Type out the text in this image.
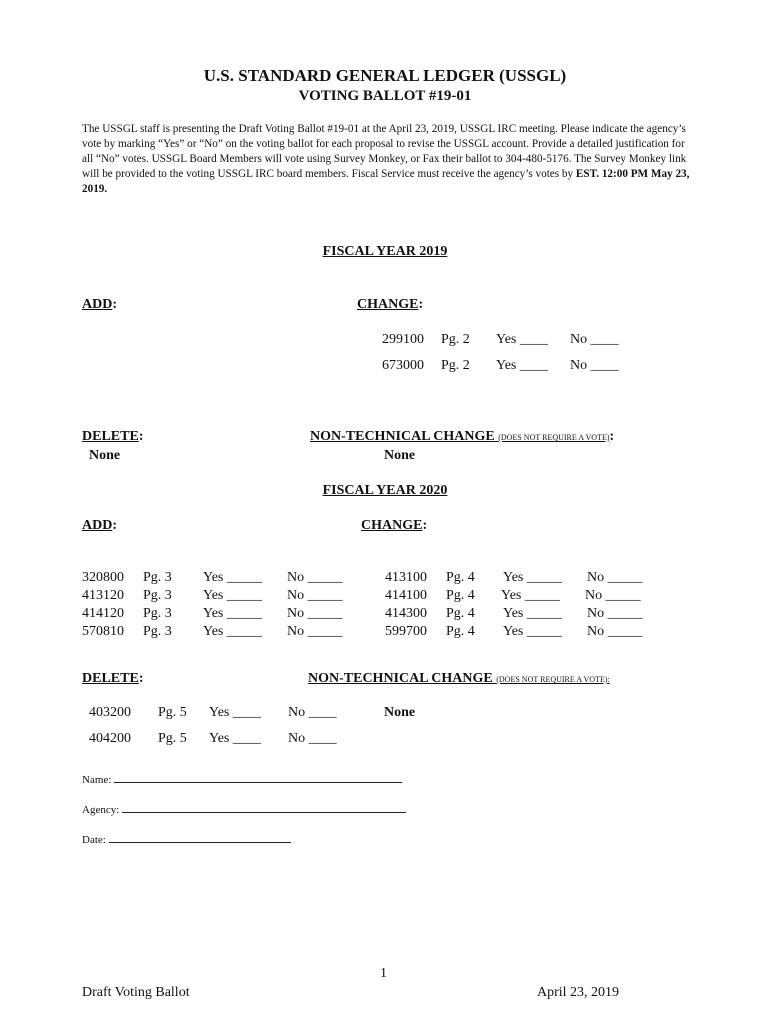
U.S. STANDARD GENERAL LEDGER (USSGL)
VOTING BALLOT #19-01
The USSGL staff is presenting the Draft Voting Ballot #19-01 at the April 23, 2019, USSGL IRC meeting. Please indicate the agency’s vote by marking “Yes” or “No” on the voting ballot for each proposal to revise the USSGL account. Provide a detailed justification for all “No” votes. USSGL Board Members will vote using Survey Monkey, or Fax their ballot to 304-480-5176. The Survey Monkey link will be provided to the voting USSGL IRC board members. Fiscal Service must receive the agency’s votes by EST. 12:00 PM May 23, 2019.
FISCAL YEAR 2019
ADD:	CHANGE:
299100 Pg. 2 Yes ____ No ____
673000 Pg. 2 Yes ____ No ____
DELETE:
None
NON-TECHNICAL CHANGE (DOES NOT REQUIRE A VOTE):
None
FISCAL YEAR 2020
ADD:	CHANGE:
320800 Pg. 3 Yes _____ No _____
413120 Pg. 3 Yes _____ No _____
414120 Pg. 3 Yes _____ No _____
570810 Pg. 3 Yes _____ No _____
413100 Pg. 4 Yes _____ No _____
414100 Pg. 4 Yes _____ No _____
414300 Pg. 4 Yes _____ No _____
599700 Pg. 4 Yes _____ No _____
DELETE:	NON-TECHNICAL CHANGE (DOES NOT REQUIRE A VOTE):
403200 Pg. 5 Yes ____ No ____
404200 Pg. 5 Yes ____ No ____
None
Name:
Agency:
Date:
1
Draft Voting Ballot	April 23, 2019
